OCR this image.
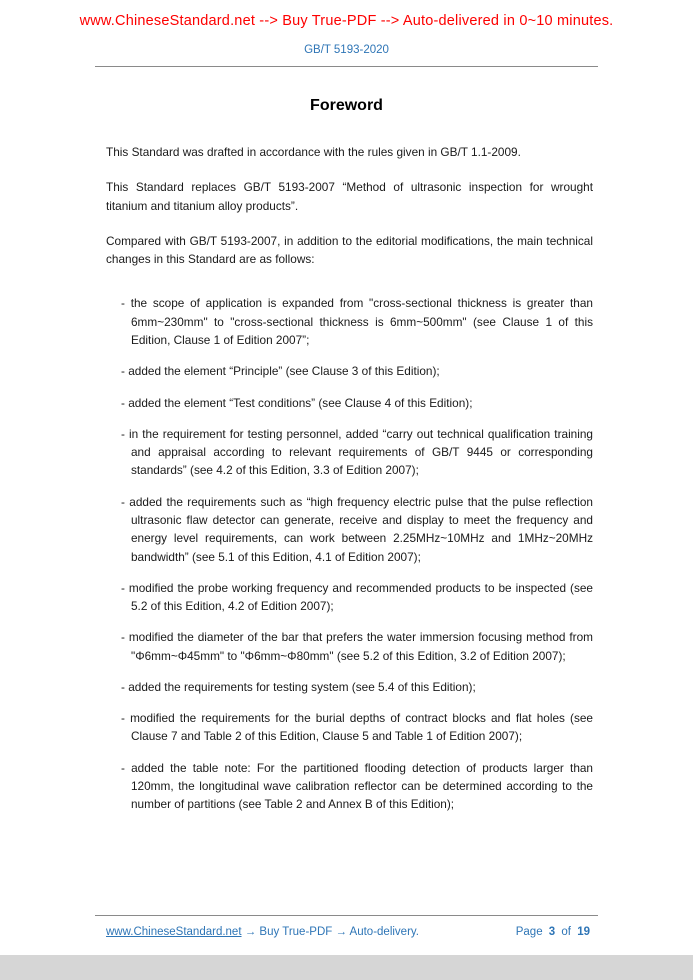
www.ChineseStandard.net --> Buy True-PDF --> Auto-delivered in 0~10 minutes.
GB/T 5193-2020
Foreword

This Standard was drafted in accordance with the rules given in GB/T 1.1-2009.

This Standard replaces GB/T 5193-2007 “Method of ultrasonic inspection for wrought titanium and titanium alloy products”.

Compared with GB/T 5193-2007, in addition to the editorial modifications, the main technical changes in this Standard are as follows:

- the scope of application is expanded from "cross-sectional thickness is greater than 6mm~230mm" to "cross-sectional thickness is 6mm~500mm" (see Clause 1 of this Edition, Clause 1 of Edition 2007”;
- added the element “Principle” (see Clause 3 of this Edition);
- added the element “Test conditions” (see Clause 4 of this Edition);
- in the requirement for testing personnel, added “carry out technical qualification training and appraisal according to relevant requirements of GB/T 9445 or corresponding standards” (see 4.2 of this Edition, 3.3 of Edition 2007);
- added the requirements such as “high frequency electric pulse that the pulse reflection ultrasonic flaw detector can generate, receive and display to meet the frequency and energy level requirements, can work between 2.25MHz~10MHz and 1MHz~20MHz bandwidth” (see 5.1 of this Edition, 4.1 of Edition 2007);
- modified the probe working frequency and recommended products to be inspected (see 5.2 of this Edition, 4.2 of Edition 2007);
- modified the diameter of the bar that prefers the water immersion focusing method from "Φ6mm~Φ45mm" to "Φ6mm~Φ80mm" (see 5.2 of this Edition, 3.2 of Edition 2007);
- added the requirements for testing system (see 5.4 of this Edition);
- modified the requirements for the burial depths of contract blocks and flat holes (see Clause 7 and Table 2 of this Edition, Clause 5 and Table 1 of Edition 2007);
- added the table note: For the partitioned flooding detection of products larger than 120mm, the longitudinal wave calibration reflector can be determined according to the number of partitions (see Table 2 and Annex B of this Edition);
www.ChineseStandard.net → Buy True-PDF → Auto-delivery.	Page 3 of 19
